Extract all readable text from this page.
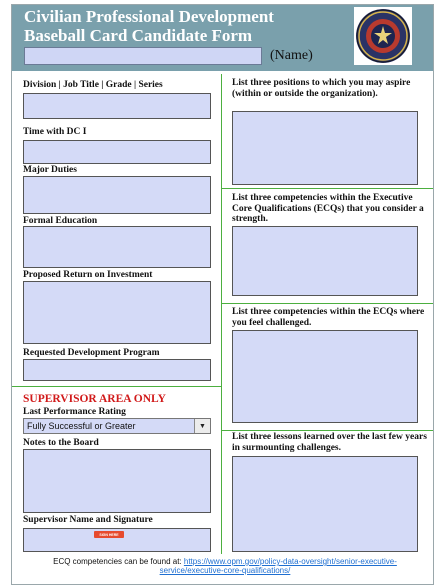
Civilian Professional Development
Baseball Card Candidate Form
(Name)
Division | Job Title | Grade | Series
Time with DC I
Major Duties
Formal Education
Proposed Return on Investment
Requested Development Program
SUPERVISOR AREA ONLY
Last Performance Rating
Fully Successful or Greater	▼
Notes to the Board
Supervisor Name and Signature
SIGN HERE
List three positions to which you may aspire (within or outside the organization).
List three competencies within the Executive Core Qualifications (ECQs) that you consider a strength.
List three competencies within the ECQs where you feel challenged.
List three lessons learned over the last few years in surmounting challenges.
ECQ competencies can be found at: https://www.opm.gov/policy-data-oversight/senior-executive-service/executive-core-qualifications/
